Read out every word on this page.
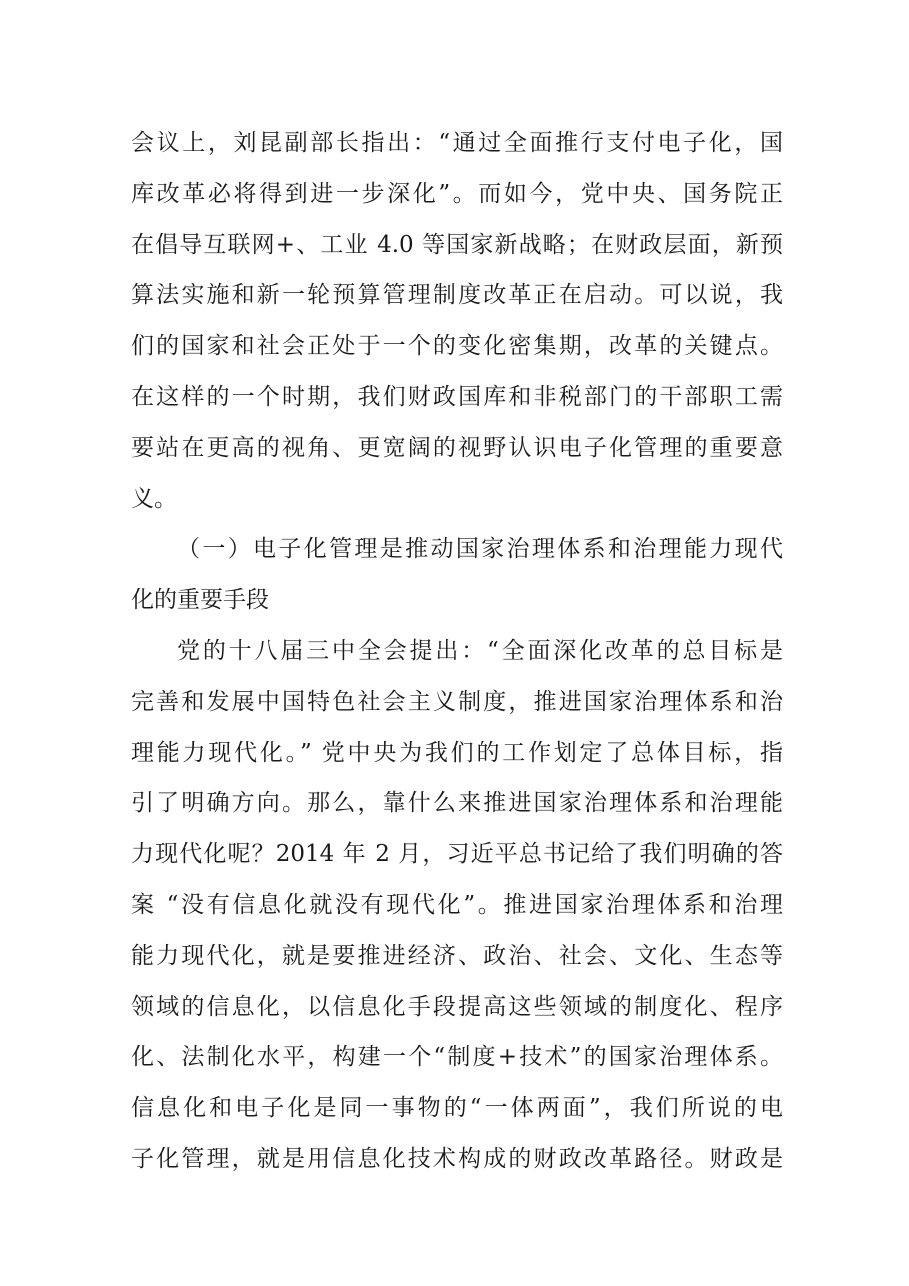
会议上，刘昆副部长指出：“通过全面推行支付电子化，国
库改革必将得到进一步深化”。而如今，党中央、国务院正
在倡导互联网+、工业 4.0 等国家新战略；在财政层面，新预
算法实施和新一轮预算管理制度改革正在启动。可以说，我
们的国家和社会正处于一个的变化密集期，改革的关键点。
在这样的一个时期，我们财政国库和非税部门的干部职工需
要站在更高的视角、更宽阔的视野认识电子化管理的重要意
义。
（一）电子化管理是推动国家治理体系和治理能力现代
化的重要手段
党的十八届三中全会提出：“全面深化改革的总目标是
完善和发展中国特色社会主义制度，推进国家治理体系和治
理能力现代化。” 党中央为我们的工作划定了总体目标，指
引了明确方向。那么，靠什么来推进国家治理体系和治理能
力现代化呢？2014 年 2 月，习近平总书记给了我们明确的答
案 “没有信息化就没有现代化”。推进国家治理体系和治理
能力现代化，就是要推进经济、政治、社会、文化、生态等
领域的信息化，以信息化手段提高这些领域的制度化、程序
化、法制化水平，构建一个“制度+技术”的国家治理体系。
信息化和电子化是同一事物的“一体两面”，我们所说的电
子化管理，就是用信息化技术构成的财政改革路径。财政是
